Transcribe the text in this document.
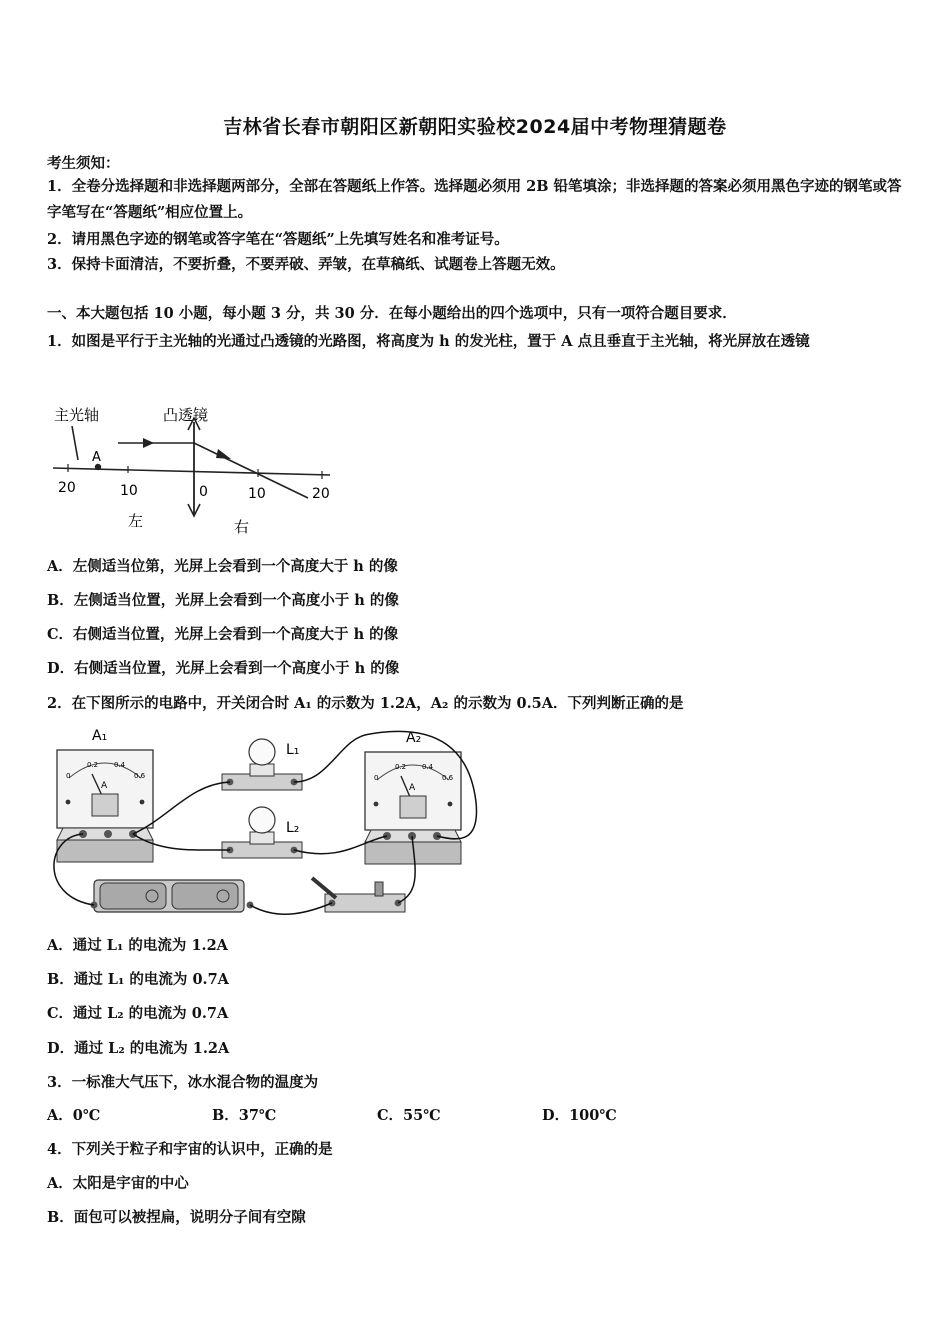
吉林省长春市朝阳区新朝阳实验校2024届中考物理猜题卷
考生须知：
1．全卷分选择题和非选择题两部分，全部在答题纸上作答。选择题必须用 2B 铅笔填涂；非选择题的答案必须用黑色字迹的钢笔或答字笔写在“答题纸”相应位置上。
2．请用黑色字迹的钢笔或答字笔在“答题纸”上先填写姓名和准考证号。
3．保持卡面清洁，不要折叠，不要弄破、弄皱，在草稿纸、试题卷上答题无效。
一、本大题包括 10 小题，每小题 3 分，共 30 分．在每小题给出的四个选项中，只有一项符合题目要求．
1．如图是平行于主光轴的光通过凸透镜的光路图，将高度为 h 的发光柱，置于 A 点且垂直于主光轴，将光屏放在透镜
主光轴	凸透镜
A
20	10	0	10	20
左	右
A．左侧适当位第，光屏上会看到一个高度大于 h 的像
B．左侧适当位置，光屏上会看到一个高度小于 h 的像
C．右侧适当位置，光屏上会看到一个高度大于 h 的像
D．右侧适当位置，光屏上会看到一个高度小于 h 的像
2．在下图所示的电路中，开关闭合时 A₁ 的示数为 1.2A，A₂ 的示数为 0.5A．下列判断正确的是
A₁
0
0.2 0.4
0.6
A
A₂
0
0.2 0.4
0.6
A
L₁
L₂
A．通过 L₁ 的电流为 1.2A
B．通过 L₁ 的电流为 0.7A
C．通过 L₂ 的电流为 0.7A
D．通过 L₂ 的电流为 1.2A
3．一标准大气压下，冰水混合物的温度为
A．0℃	B．37℃	C．55℃	D．100℃
4．下列关于粒子和宇宙的认识中，正确的是
A．太阳是宇宙的中心
B．面包可以被捏扁，说明分子间有空隙
